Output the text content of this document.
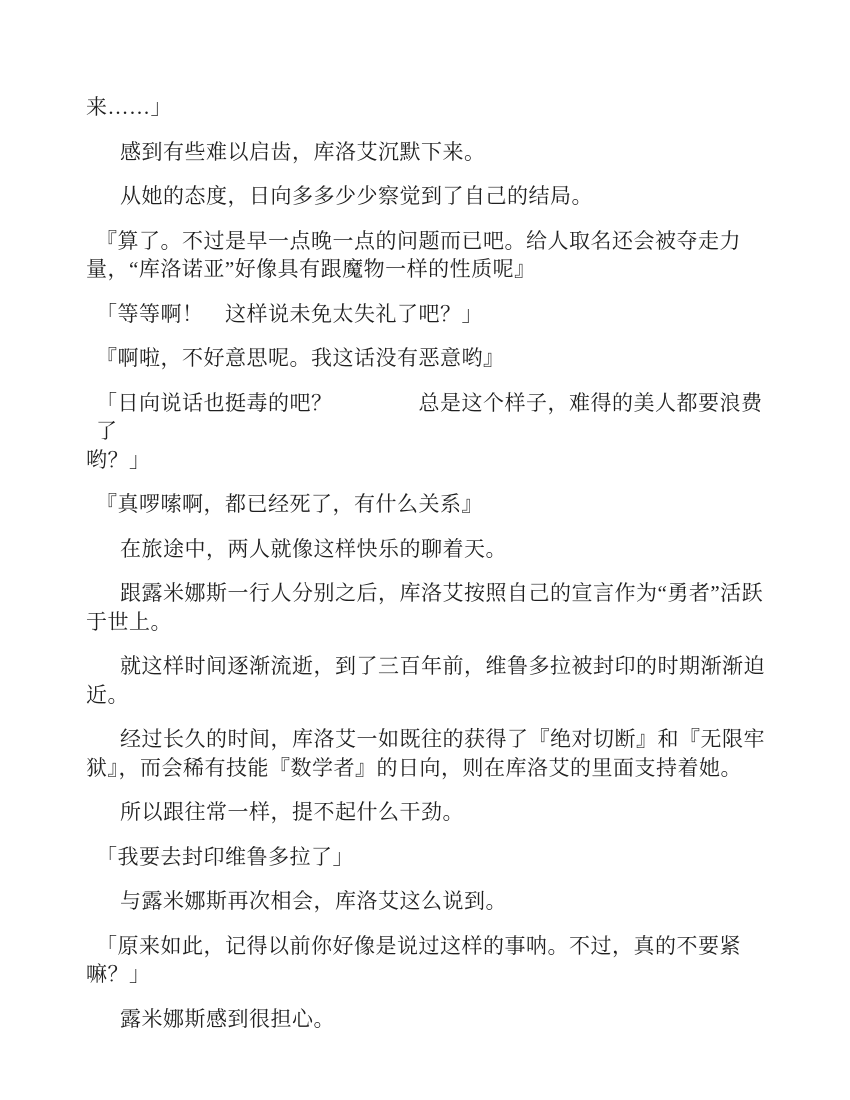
来……」

感到有些难以启齿，库洛艾沉默下来。

从她的态度，日向多多少少察觉到了自己的结局。

『算了。不过是早一点晚一点的问题而已吧。给人取名还会被夺走力
量，“库洛诺亚”好像具有跟魔物一样的性质呢』

「等等啊！　这样说未免太失礼了吧？」

『啊啦，不好意思呢。我这话没有恶意哟』

「日向说话也挺毒的吧？　　　　总是这个样子，难得的美人都要浪费了
哟？」

『真啰嗦啊，都已经死了，有什么关系』

在旅途中，两人就像这样快乐的聊着天。

跟露米娜斯一行人分别之后，库洛艾按照自己的宣言作为“勇者”活跃
于世上。

就这样时间逐渐流逝，到了三百年前，维鲁多拉被封印的时期渐渐迫
近。

经过长久的时间，库洛艾一如既往的获得了『绝对切断』和『无限牢
狱』，而会稀有技能『数学者』的日向，则在库洛艾的里面支持着她。

所以跟往常一样，提不起什么干劲。

「我要去封印维鲁多拉了」

与露米娜斯再次相会，库洛艾这么说到。

「原来如此，记得以前你好像是说过这样的事呐。不过，真的不要紧
嘛？」

露米娜斯感到很担心。
